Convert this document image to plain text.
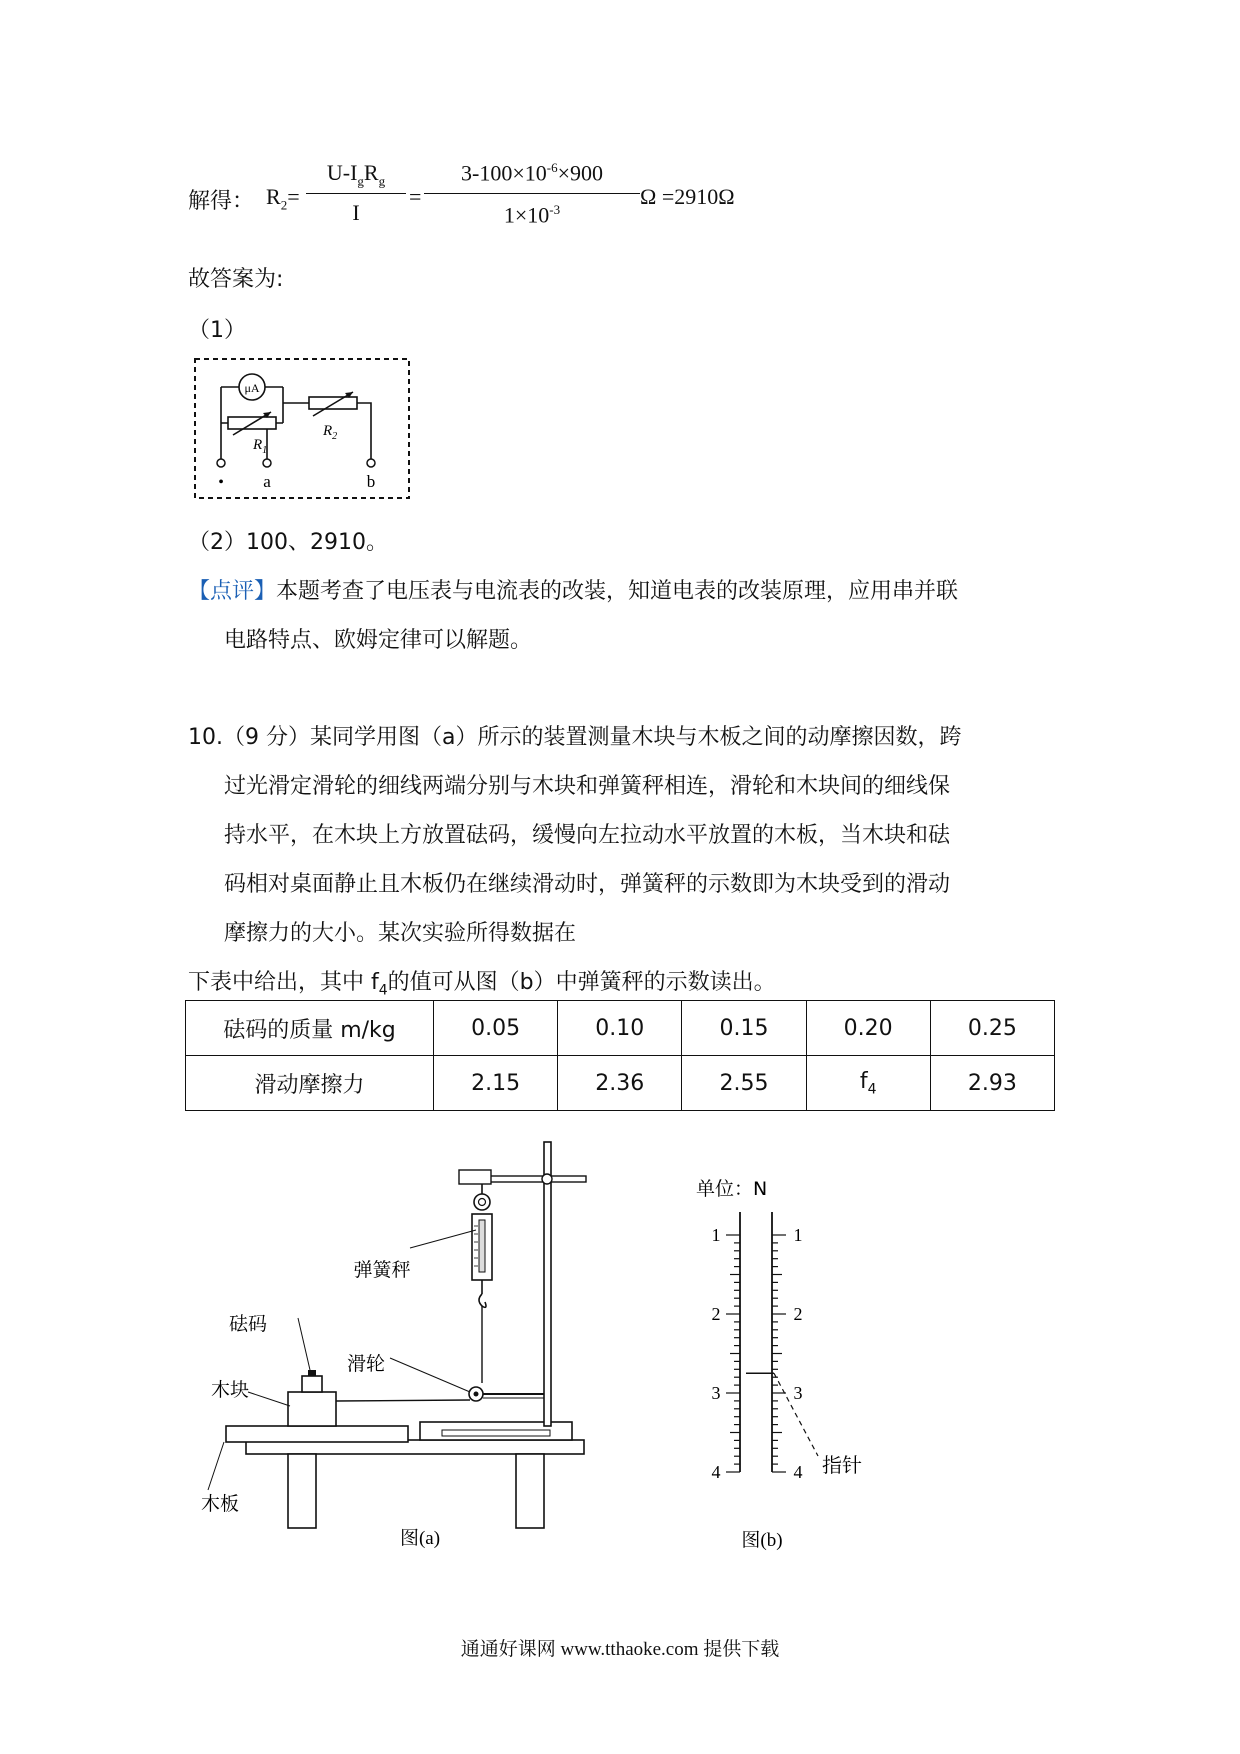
解得： $R_2=$
$U-I_gR_g$
I
=
$3-100\times 10^{-6}\times 900$
$1\times 10^{-3}$
Ω =2910Ω
故答案为:
（1）
μA
$R_1$
$R_2$
• a	b
（2）100、2910。
【点评】本题考查了电压表与电流表的改装，知道电表的改装原理，应用串并联
电路特点、欧姆定律可以解题。
10.（9 分）某同学用图（a）所示的装置测量木块与木板之间的动摩擦因数，跨
过光滑定滑轮的细线两端分别与木块和弹簧秤相连，滑轮和木块间的细线保
持水平，在木块上方放置砝码，缓慢向左拉动水平放置的木板，当木块和砝
码相对桌面静止且木板仍在继续滑动时，弹簧秤的示数即为木块受到的滑动
摩擦力的大小。某次实验所得数据在
下表中给出，其中 $f_4$的值可从图（b）中弹簧秤的示数读出。
砝码的质量 m/kg	0.05	0.10	0.15	0.20	0.25
滑动摩擦力	2.15	2.36	2.55	$f_4$	2.93
弹簧秤
砝码
滑轮
木块
木板
图(a)
单位：N
1
2
3
4
1
2
3
4 指针
图(b)
通通好课网 www.tthaoke.com 提供下载
